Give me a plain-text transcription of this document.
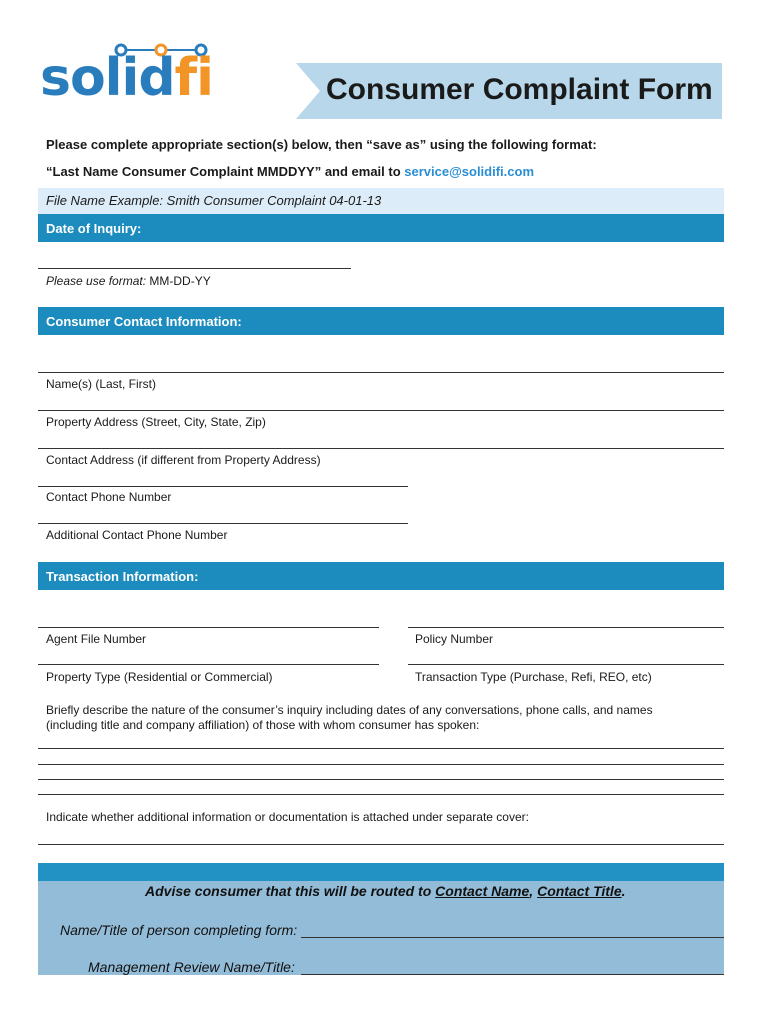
solidfi	Consumer Complaint Form
Please complete appropriate section(s) below, then “save as” using the following format:
“Last Name Consumer Complaint MMDDYY” and email to service@solidifi.com
File Name Example: Smith Consumer Complaint 04-01-13
Date of Inquiry:
Please use format: MM-DD-YY
Consumer Contact Information:
Name(s) (Last, First)
Property Address (Street, City, State, Zip)
Contact Address (if different from Property Address)
Contact Phone Number
Additional Contact Phone Number
Transaction Information:
Agent File Number	Policy Number
Property Type (Residential or Commercial)	Transaction Type (Purchase, Refi, REO, etc)
Briefly describe the nature of the consumer’s inquiry including dates of any conversations, phone calls, and names
(including title and company affiliation) of those with whom consumer has spoken:
Indicate whether additional information or documentation is attached under separate cover:
Advise consumer that this will be routed to Contact Name, Contact Title.
Name/Title of person completing form:
Management Review Name/Title:
